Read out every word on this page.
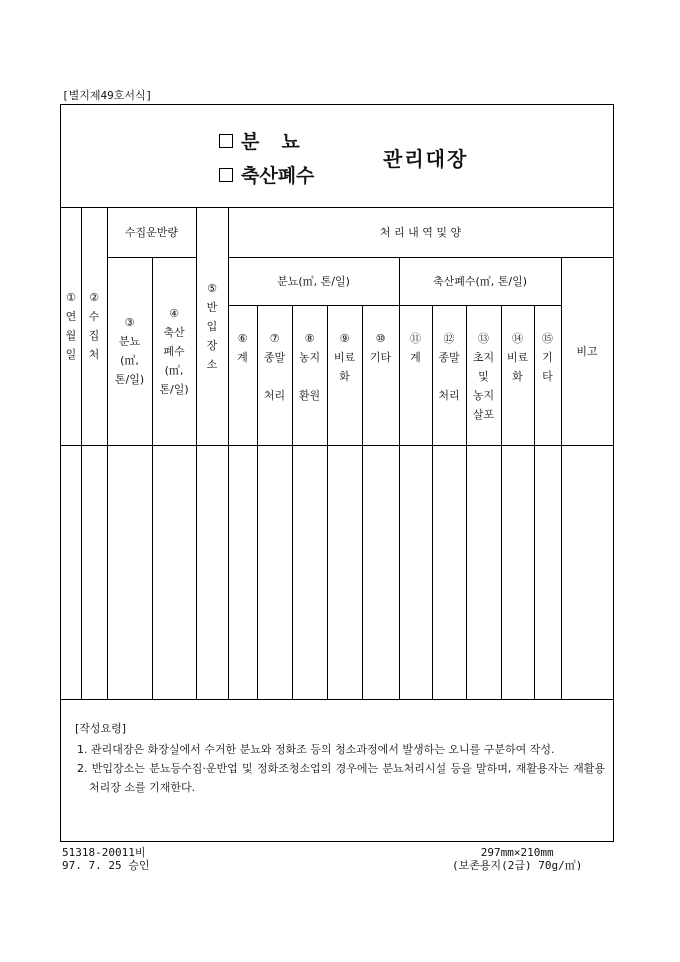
[별지제49호서식]
분뇨
축산폐수
관리대장
①
연
월
일
②
수
집
처
수집운반량
③
분뇨
(㎥,
톤/일)
④
축산
폐수
(㎥,
톤/일)
⑤
반
입
장
소
처 리 내 역 및 양
분뇨(㎥, 톤/일)	축산폐수(㎥, 톤/일)
⑥
계
⑦
종말

처리
⑧
농지

환원
⑨
비료
화
⑩
기타
⑪
계
⑫
종말

처리
⑬
초지
및
농지
살포
⑭
비료
화
⑮
기
타
비고

[작성요령]

1. 관리대장은 화장실에서 수거한 분뇨와 정화조 등의 청소과정에서 발생하는 오니를 구분하여 작성.

2. 반입장소는 분뇨등수집·운반업 및 정화조청소업의 경우에는 분뇨처리시설 등을 말하며, 재활용자는 재활용 처리장 소를 기재한다.

51318-20011비
97. 7. 25 승인
297mm×210mm
(보존용지(2급) 70g/㎡)
